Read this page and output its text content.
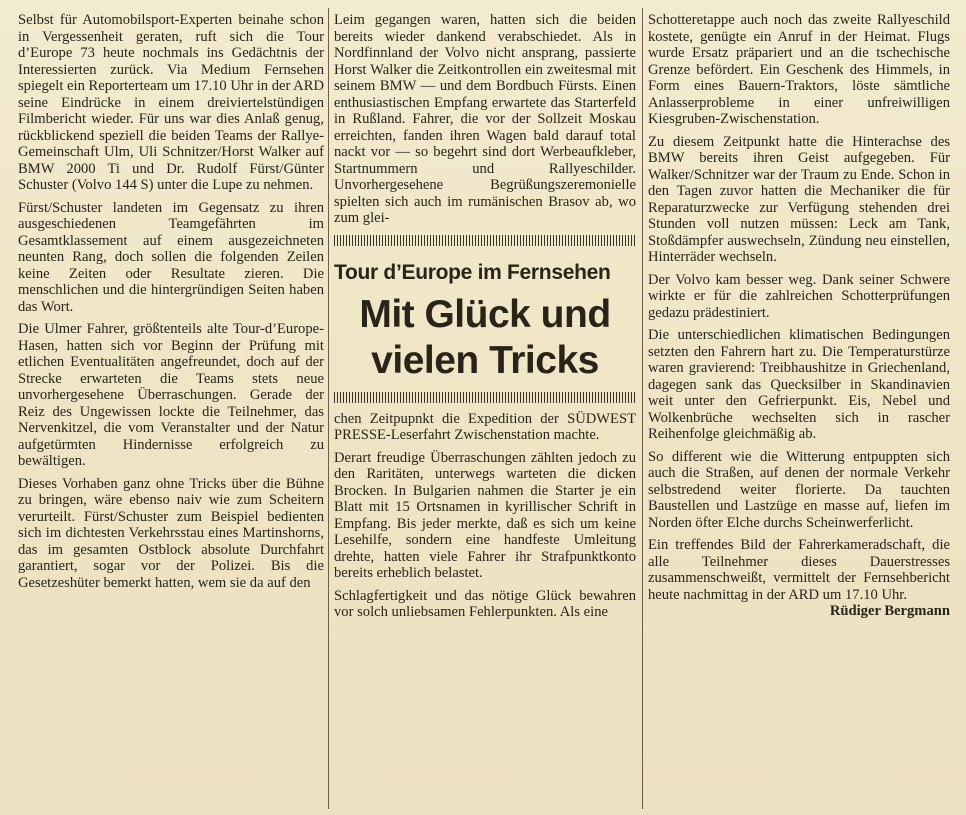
Selbst für Automobilsport-Experten beinahe schon in Vergessenheit geraten, ruft sich die Tour d’Europe 73 heute nochmals ins Gedächtnis der Interessierten zurück. Via Medium Fernsehen spiegelt ein Reporterteam um 17.10 Uhr in der ARD seine Eindrücke in einem dreiviertelstündigen Filmbericht wieder. Für uns war dies Anlaß genug, rückblickend speziell die beiden Teams der Rallye-Gemeinschaft Ulm, Uli Schnitzer/Horst Walker auf BMW 2000 Ti und Dr. Rudolf Fürst/Günter Schuster (Volvo 144 S) unter die Lupe zu nehmen.

Fürst/Schuster landeten im Gegensatz zu ihren ausgeschiedenen Teamgefährten im Gesamtklassement auf einem ausgezeichneten neunten Rang, doch sollen die folgenden Zeilen keine Zeiten oder Resultate zieren. Die menschlichen und die hintergründigen Seiten haben das Wort.

Die Ulmer Fahrer, größtenteils alte Tour-d’Europe-Hasen, hatten sich vor Beginn der Prüfung mit etlichen Eventualitäten angefreundet, doch auf der Strecke erwarteten die Teams stets neue unvorhergesehene Überraschungen. Gerade der Reiz des Ungewissen lockte die Teilnehmer, das Nervenkitzel, die vom Veranstalter und der Natur aufgetürmten Hindernisse erfolgreich zu bewältigen.

Dieses Vorhaben ganz ohne Tricks über die Bühne zu bringen, wäre ebenso naiv wie zum Scheitern verurteilt. Fürst/Schuster zum Beispiel bedienten sich im dichtesten Verkehrsstau eines Martinshorns, das im gesamten Ostblock absolute Durchfahrt garantiert, sogar vor der Polizei. Bis die Gesetzeshüter bemerkt hatten, wem sie da auf den

Leim gegangen waren, hatten sich die beiden bereits wieder dankend verabschiedet. Als in Nordfinnland der Volvo nicht ansprang, passierte Horst Walker die Zeitkontrollen ein zweitesmal mit seinem BMW — und dem Bordbuch Fürsts. Einen enthusiastischen Empfang erwartete das Starterfeld in Rußland. Fahrer, die vor der Sollzeit Moskau erreichten, fanden ihren Wagen bald darauf total nackt vor — so begehrt sind dort Werbeaufkleber, Startnummern und Rallyeschilder. Unvorhergesehene Begrüßungszeremonielle spielten sich auch im rumänischen Brasov ab, wo zum glei-

Tour d’Europe im Fernsehen
Mit Glück und
vielen Tricks

chen Zeitpupnkt die Expedition der SÜDWEST PRESSE-Leserfahrt Zwischenstation machte.

Derart freudige Überraschungen zählten jedoch zu den Raritäten, unterwegs warteten die dicken Brocken. In Bulgarien nahmen die Starter je ein Blatt mit 15 Ortsnamen in kyrillischer Schrift in Empfang. Bis jeder merkte, daß es sich um keine Lesehilfe, sondern eine handfeste Umleitung drehte, hatten viele Fahrer ihr Strafpunktkonto bereits erheblich belastet.

Schlagfertigkeit und das nötige Glück bewahren vor solch unliebsamen Fehlerpunkten. Als eine

Schotteretappe auch noch das zweite Rallyeschild kostete, genügte ein Anruf in der Heimat. Flugs wurde Ersatz präpariert und an die tschechische Grenze befördert. Ein Geschenk des Himmels, in Form eines Bauern-Traktors, löste sämtliche Anlasserprobleme in einer unfreiwilligen Kiesgruben-Zwischenstation.

Zu diesem Zeitpunkt hatte die Hinterachse des BMW bereits ihren Geist aufgegeben. Für Walker/Schnitzer war der Traum zu Ende. Schon in den Tagen zuvor hatten die Mechaniker die für Reparaturzwecke zur Verfügung stehenden drei Stunden voll nutzen müssen: Leck am Tank, Stoßdämpfer auswechseln, Zündung neu einstellen, Hinterräder wechseln.

Der Volvo kam besser weg. Dank seiner Schwere wirkte er für die zahlreichen Schotterprüfungen gedazu prädestiniert.

Die unterschiedlichen klimatischen Bedingungen setzten den Fahrern hart zu. Die Temperaturstürze waren gravierend: Treibhaushitze in Griechenland, dagegen sank das Quecksilber in Skandinavien weit unter den Gefrierpunkt. Eis, Nebel und Wolkenbrüche wechselten sich in rascher Reihenfolge gleichmäßig ab.

So different wie die Witterung entpuppten sich auch die Straßen, auf denen der normale Verkehr selbstredend weiter florierte. Da tauchten Baustellen und Lastzüge en masse auf, liefen im Norden öfter Elche durchs Scheinwerferlicht.

Ein treffendes Bild der Fahrerkameradschaft, die alle Teilnehmer dieses Dauerstresses zusammenschweißt, vermittelt der Fernsehbericht heute nachmittag in der ARD um 17.10 Uhr.

Rüdiger Bergmann
